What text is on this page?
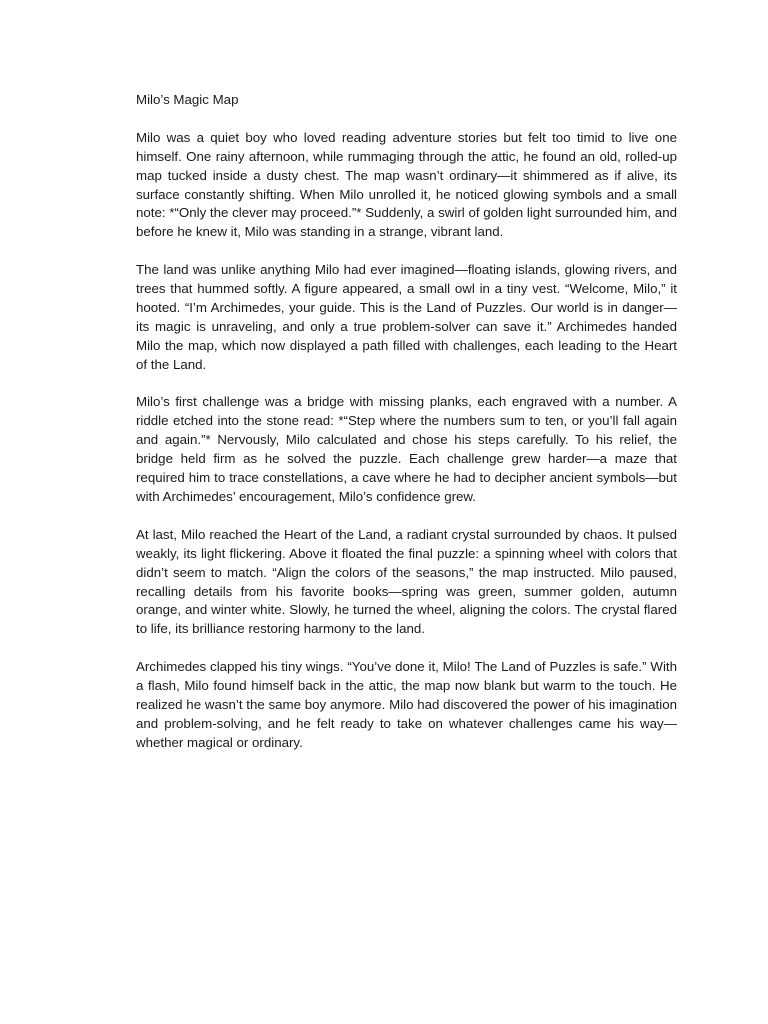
Milo’s Magic Map

Milo was a quiet boy who loved reading adventure stories but felt too timid to live one himself. One rainy afternoon, while rummaging through the attic, he found an old, rolled-up map tucked inside a dusty chest. The map wasn’t ordinary—it shimmered as if alive, its surface constantly shifting. When Milo unrolled it, he noticed glowing symbols and a small note: *“Only the clever may proceed.”* Suddenly, a swirl of golden light surrounded him, and before he knew it, Milo was standing in a strange, vibrant land.

The land was unlike anything Milo had ever imagined—floating islands, glowing rivers, and trees that hummed softly. A figure appeared, a small owl in a tiny vest. “Welcome, Milo,” it hooted. “I’m Archimedes, your guide. This is the Land of Puzzles. Our world is in danger—its magic is unraveling, and only a true problem-solver can save it.” Archimedes handed Milo the map, which now displayed a path filled with challenges, each leading to the Heart of the Land.

Milo’s first challenge was a bridge with missing planks, each engraved with a number. A riddle etched into the stone read: *“Step where the numbers sum to ten, or you’ll fall again and again.”* Nervously, Milo calculated and chose his steps carefully. To his relief, the bridge held firm as he solved the puzzle. Each challenge grew harder—a maze that required him to trace constellations, a cave where he had to decipher ancient symbols—but with Archimedes’ encouragement, Milo’s confidence grew.

At last, Milo reached the Heart of the Land, a radiant crystal surrounded by chaos. It pulsed weakly, its light flickering. Above it floated the final puzzle: a spinning wheel with colors that didn’t seem to match. “Align the colors of the seasons,” the map instructed. Milo paused, recalling details from his favorite books—spring was green, summer golden, autumn orange, and winter white. Slowly, he turned the wheel, aligning the colors. The crystal flared to life, its brilliance restoring harmony to the land.

Archimedes clapped his tiny wings. “You’ve done it, Milo! The Land of Puzzles is safe.” With a flash, Milo found himself back in the attic, the map now blank but warm to the touch. He realized he wasn’t the same boy anymore. Milo had discovered the power of his imagination and problem-solving, and he felt ready to take on whatever challenges came his way—whether magical or ordinary.
